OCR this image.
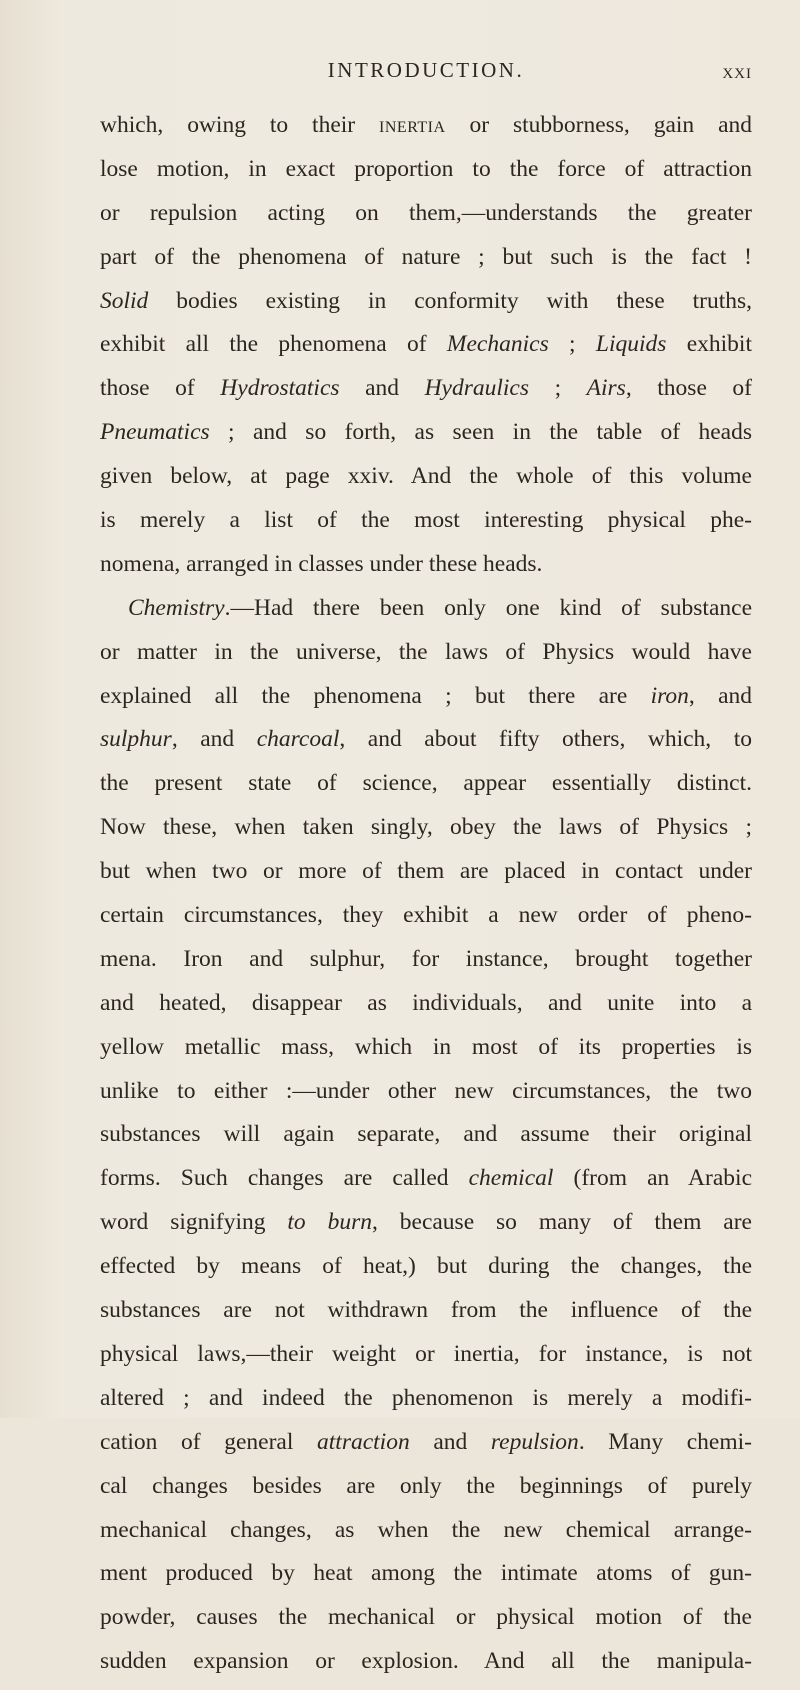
INTRODUCTION.	xxi
which, owing to their inertia or stubborness, gain and
lose motion, in exact proportion to the force of attraction
or repulsion acting on them,—understands the greater
part of the phenomena of nature ; but such is the fact !
Solid bodies existing in conformity with these truths,
exhibit all the phenomena of Mechanics ; Liquids exhibit
those of Hydrostatics and Hydraulics ; Airs, those of
Pneumatics ; and so forth, as seen in the table of heads
given below, at page xxiv. And the whole of this volume
is merely a list of the most interesting physical phe-
nomena, arranged in classes under these heads.
Chemistry.—Had there been only one kind of substance
or matter in the universe, the laws of Physics would have
explained all the phenomena ; but there are iron, and
sulphur, and charcoal, and about fifty others, which, to
the present state of science, appear essentially distinct.
Now these, when taken singly, obey the laws of Physics ;
but when two or more of them are placed in contact under
certain circumstances, they exhibit a new order of pheno-
mena. Iron and sulphur, for instance, brought together
and heated, disappear as individuals, and unite into a
yellow metallic mass, which in most of its properties is
unlike to either :—under other new circumstances, the two
substances will again separate, and assume their original
forms. Such changes are called chemical (from an Arabic
word signifying to burn, because so many of them are
effected by means of heat,) but during the changes, the
substances are not withdrawn from the influence of the
physical laws,—their weight or inertia, for instance, is not
altered ; and indeed the phenomenon is merely a modifi-
cation of general attraction and repulsion. Many chemi-
cal changes besides are only the beginnings of purely
mechanical changes, as when the new chemical arrange-
ment produced by heat among the intimate atoms of gun-
powder, causes the mechanical or physical motion of the
sudden expansion or explosion. And all the manipula-
